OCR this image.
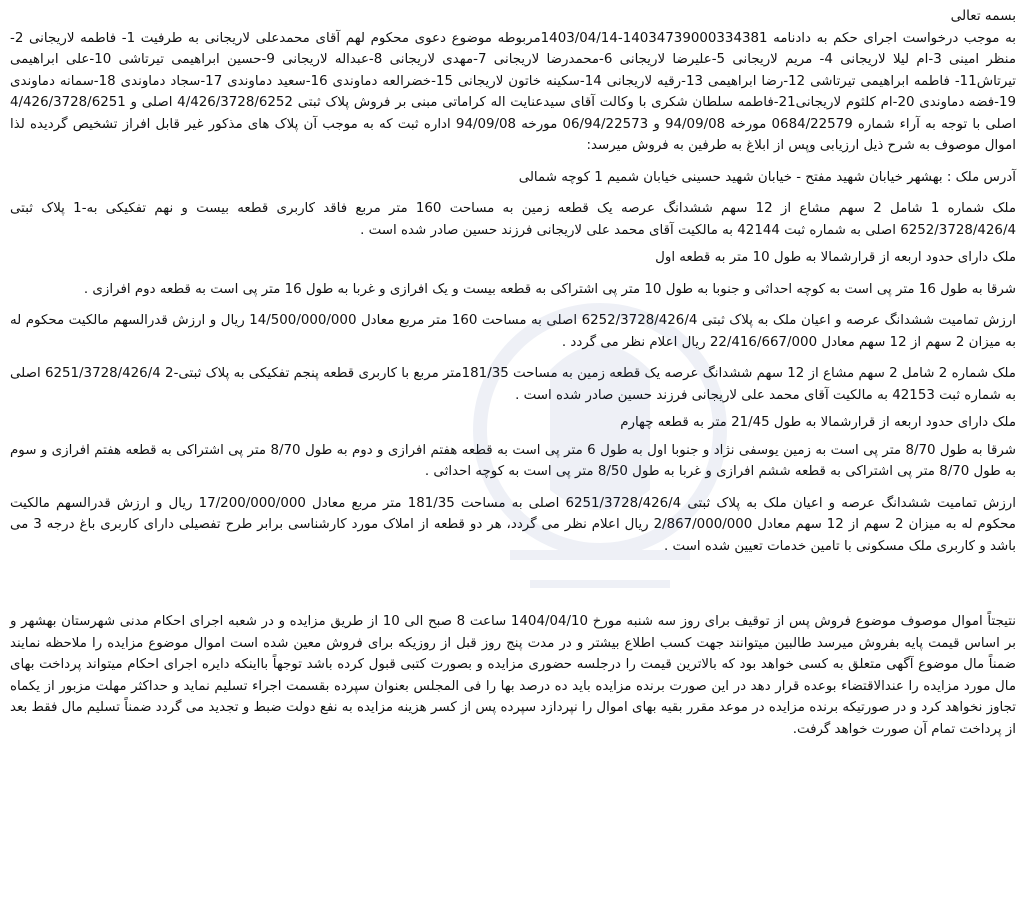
بسمه تعالی

به موجب درخواست اجرای حکم به دادنامه 14034739000334381-1403/04/14مربوطه موضوع دعوی محکوم لهم آقای محمدعلی لاریجانی به طرفیت 1- فاطمه لاریجانی 2-منظر امینی 3-ام لیلا لاریجانی 4- مریم لاریجانی 5-علیرضا لاریجانی 6-محمدرضا لاریجانی 7-مهدی لاریجانی 8-عبداله لاریجانی 9-حسین ابراهیمی تیرتاشی 10-علی ابراهیمی تیرتاش11- فاطمه ابراهیمی تیرتاشی 12-رضا ابراهیمی 13-رقیه لاریجانی 14-سکینه خاتون لاریجانی 15-خضرالعه دماوندی 16-سعید دماوندی 17-سجاد دماوندی 18-سمانه دماوندی 19-فضه دماوندی 20-ام کلثوم لاریجانی21-فاطمه سلطان شکری با وکالت آقای سیدعنایت اله کراماتی مبنی بر فروش پلاک ثبتی 4/426/3728/6252 اصلی و 4/426/3728/6251 اصلی با توجه به آراء شماره 0684/22579 مورخه 94/09/08 و 06/94/22573 مورخه 94/09/08 اداره ثبت که به موجب آن پلاک های مذکور غیر قابل افراز تشخیص گردیده لذا اموال موصوف به شرح ذیل ارزیابی وپس از ابلاغ به طرفین به فروش میرسد:

آدرس ملک : بهشهر خیابان شهید مفتح - خیابان شهید حسینی خیابان شمیم 1 کوچه شمالی

ملک شماره 1 شامل 2 سهم مشاع از 12 سهم ششدانگ عرصه یک قطعه زمین به مساحت 160 متر مربع فاقد کاربری قطعه بیست و نهم تفکیکی به-1 پلاک ثبتی 6252/3728/426/4 اصلی به شماره ثبت 42144 به مالکیت آقای محمد علی لاریجانی فرزند حسین صادر شده است .

ملک دارای حدود اربعه از قرارشمالا به طول 10 متر به قطعه اول

شرقا به طول 16 متر پی است به کوچه احداثی و جنوبا به طول 10 متر پی اشتراکی به قطعه بیست و یک افرازی و غربا به طول 16 متر پی است به قطعه دوم افرازی .

ارزش تمامیت ششدانگ عرصه و اعیان ملک به پلاک ثبتی 6252/3728/426/4 اصلی به مساحت 160 متر مربع معادل 14/500/000/000 ریال و ارزش قدرالسهم مالکیت محکوم له به میزان 2 سهم از 12 سهم معادل 22/416/667/000 ریال اعلام نظر می گردد .

ملک شماره 2 شامل 2 سهم مشاع از 12 سهم ششدانگ عرصه یک قطعه زمین به مساحت 181/35متر مربع با کاربری قطعه پنجم تفکیکی به پلاک ثبتی-2 6251/3728/426/4 اصلی به شماره ثبت 42153 به مالکیت آقای محمد علی لاریجانی فرزند حسین صادر شده است .

ملک دارای حدود اربعه از قرارشمالا به طول 21/45 متر به قطعه چهارم

شرقا به طول 8/70 متر پی است به زمین یوسفی نژاد و جنوبا اول به طول 6 متر پی است به قطعه هفتم افرازی و دوم به طول 8/70 متر پی اشتراکی به قطعه هفتم افرازی و سوم به طول 8/70 متر پی اشتراکی به قطعه ششم افرازی و غربا به طول 8/50 متر پی است به کوچه احداثی .

ارزش تمامیت ششدانگ عرصه و اعیان ملک به پلاک ثبتی 6251/3728/426/4 اصلی به مساحت 181/35 متر مربع معادل 17/200/000/000 ریال و ارزش قدرالسهم مالکیت محکوم له به میزان 2 سهم از 12 سهم معادل 2/867/000/000 ریال اعلام نظر می گردد، هر دو قطعه از املاک مورد کارشناسی برابر طرح تفصیلی دارای کاربری باغ درجه 3 می باشد و کاربری ملک مسکونی با تامین خدمات تعیین شده است .

نتیجتاً اموال موصوف موضوع فروش پس از توقیف برای روز سه شنبه مورخ 1404/04/10 ساعت 8 صبح الی 10 از طریق مزایده و در شعبه اجرای احکام مدنی شهرستان بهشهر و بر اساس قیمت پایه بفروش میرسد طالبین میتوانند جهت کسب اطلاع بیشتر و در مدت پنج روز قبل از روزیکه برای فروش معین شده است اموال موضوع مزایده را ملاحظه نمایند ضمناً مال موضوع آگهی متعلق به کسی خواهد بود که بالاترین قیمت را درجلسه حضوری مزایده و بصورت کتبی قبول کرده باشد توجهاً بااینکه دایره اجرای احکام میتواند پرداخت بهای مال مورد مزایده را عندالاقتضاء بوعده قرار دهد در این صورت برنده مزایده باید ده درصد بها را فی المجلس بعنوان سپرده بقسمت اجراء تسلیم نماید و حداکثر مهلت مزبور از یکماه تجاوز نخواهد کرد و در صورتیکه برنده مزایده در موعد مقرر بقیه بهای اموال را نپردازد سپرده پس از کسر هزینه مزایده به نفع دولت ضبط و تجدید می گردد ضمناً تسلیم مال فقط بعد از پرداخت تمام آن صورت خواهد گرفت.
